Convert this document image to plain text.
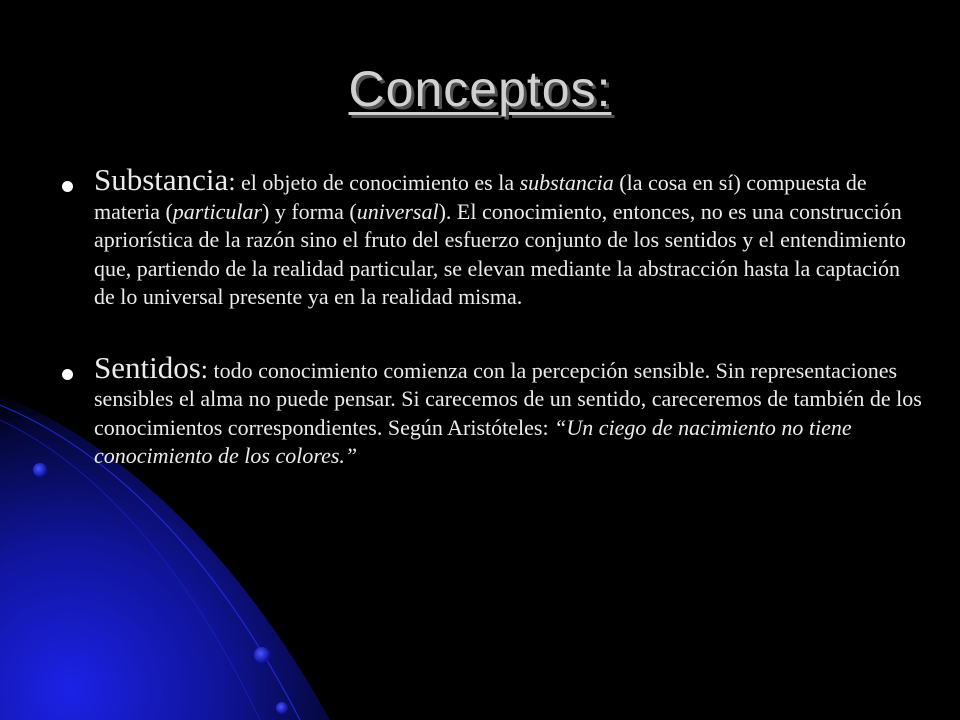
Conceptos:
Substancia: el objeto de conocimiento es la substancia (la cosa en sí) compuesta de materia (particular) y forma (universal). El conocimiento, entonces, no es una construcción apriorística de la razón sino el fruto del esfuerzo conjunto de los sentidos y el entendimiento que, partiendo de la realidad particular, se elevan mediante la abstracción hasta la captación de lo universal presente ya en la realidad misma.
Sentidos: todo conocimiento comienza con la percepción sensible. Sin representaciones sensibles el alma no puede pensar. Si carecemos de un sentido, careceremos de también de los conocimientos correspondientes. Según Aristóteles: “Un ciego de nacimiento no tiene conocimiento de los colores.”
